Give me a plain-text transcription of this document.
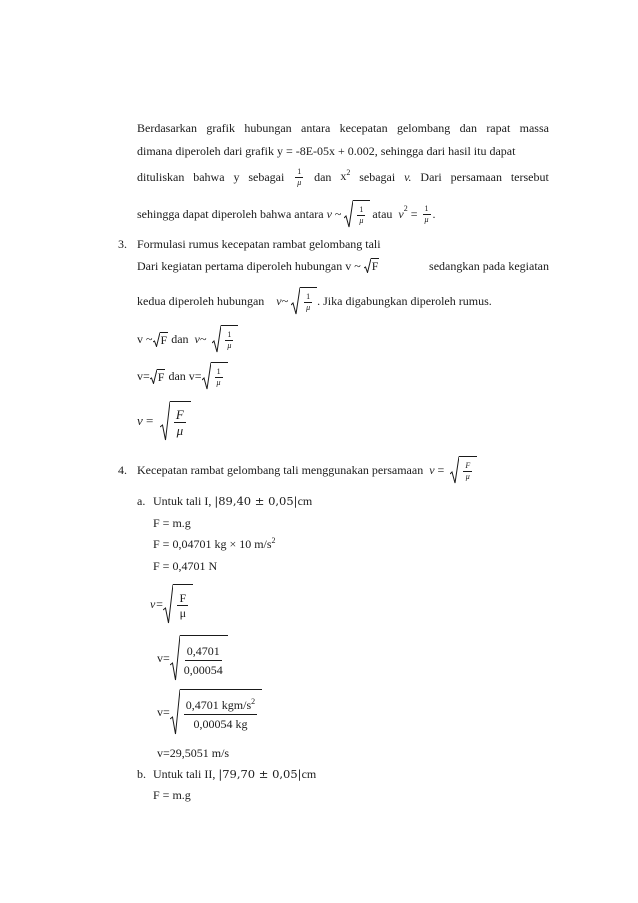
Berdasarkan grafik hubungan antara kecepatan gelombang dan rapat massa
dimana diperoleh dari grafik y = -8E-05x + 0.002, sehingga dari hasil itu dapat
dituliskan bahwa y sebagai $\frac{1}{\mu}$ dan $x^2$ sebagai v. Dari persamaan tersebut
sehingga dapat diperoleh bahwa antara
v
~
$\frac{1}{\mu}$ atau
v 2
=
$\frac{1}{\mu}$ .
3. Formulasi rumus kecepatan rambat gelombang tali
Dari kegiatan pertama diperoleh hubungan v ~
F	sedangkan pada kegiatan
kedua diperoleh hubungan
v~
$\frac{1}{\mu}$ . Jika digabungkan diperoleh rumus.
v ~ F
dan
v~
$\frac{1}{\mu}$
v= F
dan $v= \frac{1}{\mu}$
v
=
$\frac{F}{\mu}$
4. Kecepatan rambat gelombang tali menggunakan persamaan
v
=
$\frac{F}{\mu}$
a. Untuk tali I, |89,40 ± 0,05|cm
F = m.g
F = 0,04701 kg × 10 $m/s^2$
F = 0,4701 N
$v= \frac{F}{\mu}$
$v= \frac{0,4701}{0,00054}$
$v= \frac{0,4701 kgm/s^2}{0,00054 kg}$
v=29,5051 m/s
b. Untuk tali II, |79,70 ± 0,05|cm
F = m.g
